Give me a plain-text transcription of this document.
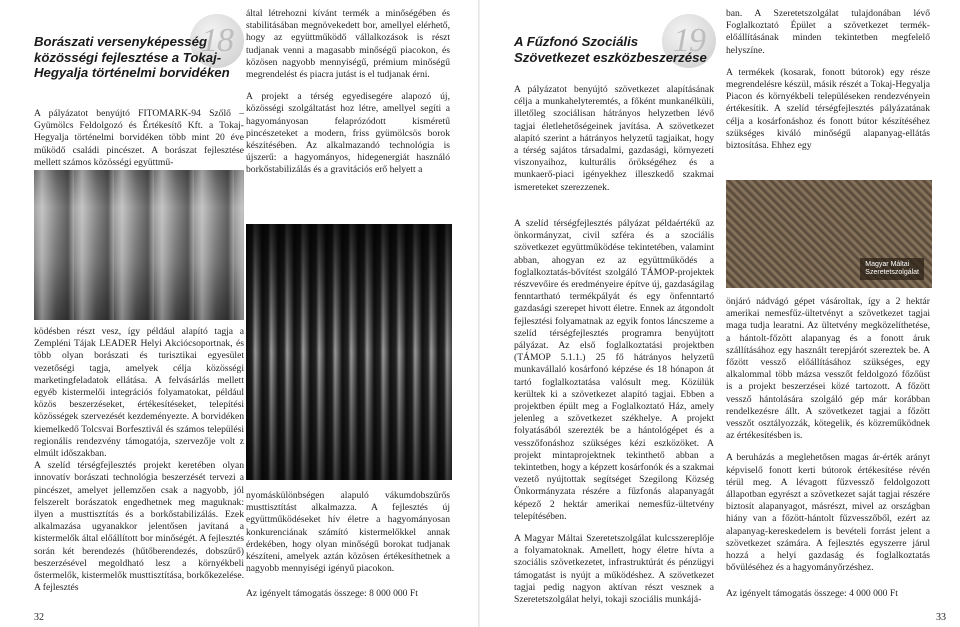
18
Borászati versenyképesség
közösségi fejlesztése a Tokaj-
Hegyalja történelmi borvidéken

A pályázatot benyújtó FITOMARK-94 Szőlő – Gyümölcs Feldolgozó és Értékesítő Kft. a Tokaj-Hegyalja történelmi borvidéken több mint 20 éve működő családi pincészet. A borászat fejlesztése mellett számos közösségi együttmű-

ködésben részt vesz, így például alapító tagja a Zempléni Tájak LEADER Helyi Akciócsoportnak, és több olyan borászati és turisztikai egyesület vezetőségi tagja, amelyek célja közösségi marketingfeladatok ellátása. A felvásárlás mellett egyéb kistermelői integrációs folyamatokat, például közös beszerzéseket, értékesítéseket, telepítési közösségek szervezését kezdeményezte. A borvidéken kiemelkedő Tolcsvai Borfesztivál és számos települési regionális rendezvény támogatója, szervezője volt z elmúlt időszakban.

A szelíd térségfejlesztés projekt keretében olyan innovatív borászati technológia beszerzését tervezi a pincészet, amelyet jellemzően csak a nagyobb, jól felszerelt borászatok engedhetnek meg maguknak: ilyen a musttisztítás és a borkőstabilizálás. Ezek alkalmazása ugyanakkor jelentősen javítaná a kistermelők által előállított bor minőségét. A fejlesztés során két berendezés (hűtőberendezés, dobszűrő) beszerzésével megoldható lesz a környékbeli őstermelők, kistermelők musttisztítása, borkőkezelése. A fejlesztés

által létrehozni kívánt termék a minőségében és stabilitásában megnövekedett bor, amellyel elérhető, hogy az együttműködő vállalkozások is részt tudjanak venni a magasabb minőségű piacokon, és közösen nagyobb mennyiségű, prémium minőségű megrendelést és piacra jutást is el tudjanak érni.

A projekt a térség egyedisegére alapozó új, közösségi szolgáltatást hoz létre, amellyel segíti a hagyományosan felaprózódott kisméretű pincészeteket a modern, friss gyümölcsös borok készítésében. Az alkalmazandó technológia is újszerű: a hagyományos, hidegenergiát használó borkőstabilizálás és a gravitációs erő helyett a

nyomáskülönbségen alapuló vákumdobszűrős musttisztítást alkalmazza. A fejlesztés új együttműködéseket hív életre a hagyományosan konkurenciának számító kistermelőkkel annak érdekében, hogy olyan minőségű borokat tudjanak készíteni, amelyek aztán közösen értékesíthetnek a nagyobb mennyiségi igényű piacokon.

Az igényelt támogatás összege: 8 000 000 Ft
32
19
A Fűzfonó Szociális
Szövetkezet eszközbeszerzése

A pályázatot benyújtó szövetkezet alapításának célja a munkahelyteremtés, a főként munkanélküli, illetőleg szociálisan hátrányos helyzetben lévő tagjai életlehetőségeinek javítása. A szövetkezet alapító szerint a hátrányos helyzetű tagjaikat, hogy a térség sajátos társadalmi, gazdasági, környezeti viszonyaihoz, kulturális örökségéhez és a munkaerő-piaci igényekhez illeszkedő szakmai ismereteket szerezzenek.

A szelíd térségfejlesztés pályázat példaértékű az önkormányzat, civil szféra és a szociális szövetkezet együttműködése tekintetében, valamint abban, ahogyan ez az együttműködés a foglalkoztatás-bővítést szolgáló TÁMOP-projektek részvevőire és eredményeire építve új, gazdaságilag fenntartható termékpályát és egy önfenntartó gazdasági szerepet hivott életre. Ennek az átgondolt fejlesztési folyamatnak az egyik fontos láncszeme a szelíd térségfejlesztés programra benyújtott pályázat. Az első foglalkoztatási projektben (TÁMOP 5.1.1.) 25 fő hátrányos helyzetű munkavállaló kosárfonó képzése és 18 hónapon át tartó foglalkoztatása valósult meg. Közülük kerültek ki a szövetkezet alapító tagjai. Ebben a projektben épült meg a Foglalkoztató Ház, amely jelenleg a szövetkezet székhelye. A projekt folyatásából szerezték be a hántológépet és a vesszőfonáshoz szükséges kézi eszközöket. A projekt mintaprojektnek tekinthető abban a tekintetben, hogy a képzett kosárfonók és a szakmai vezető nyújtottak segítséget Szegilong Község Önkormányzata részére a fűzfonás alapanyagát képező 2 hektár amerikai nemesfűz-ültetvény telepítésében.

A Magyar Máltai Szeretetszolgálat kulcsszereplője a folyamatoknak. Amellett, hogy életre hívta a szociális szövetkezetet, infrastruktúrát és pénzügyi támogatást is nyújt a működéshez. A szövetkezet tagjai pedig nagyon aktívan részt vesznek a Szeretetszolgálat helyi, tokaji szociális munkájá-

ban. A Szeretetszolgálat tulajdonában lévő Foglalkoztató Épület a szövetkezet termék-előállításának minden tekintetben megfelelő helyszíne.

A termékek (kosarak, fonott bútorok) egy része megrendelésre készül, másik részét a Tokaj-Hegyalja Piacon és környékbeli településeken rendezvényein értékesítik. A szelíd térségfejlesztés pályázatának célja a kosárfonáshoz és fonott bútor készítéséhez szükséges kiváló minőségű alapanyag-ellátás biztosítása. Ehhez egy

Magyar Máltai
Szeretetszolgálat

önjáró nádvágó gépet vásároltak, így a 2 hektár amerikai nemesfűz-ültetvényt a szövetkezet tagjai maga tudja learatni. Az ültetvény megközelíthetése, a hántolt-főzött alapanyag és a fonott áruk szállításához egy használt terepjárót szereztek be. A főzött vessző előállításához szükséges, egy alkalommal több mázsa vesszőt feldolgozó főzőüst is a projekt beszerzései közé tartozott. A főzött vessző hántolására szolgáló gép már korábban rendelkezésre állt. A szövetkezet tagjai a főzött vesszőt osztályozzák, kötegelik, és közreműködnek az értékesítésben is.

A beruházás a meglehetősen magas ár-érték arányt képviselő fonott kerti bútorok értékesítése révén térül meg. A lévagott fűzvessző feldolgozott állapotban egyrészt a szövetkezet saját tagjai részére biztosít alapanyagot, másrészt, mivel az országban hiány van a főzött-hántolt fűzvesszőből, ezért az alapanyag-kereskedelem is bevételi forrást jelent a szövetkezet számára. A fejlesztés egyszerre járul hozzá a helyi gazdaság és foglalkoztatás bővüléséhez és a hagyományőrzéshez.

Az igényelt támogatás összege: 4 000 000 Ft
33
